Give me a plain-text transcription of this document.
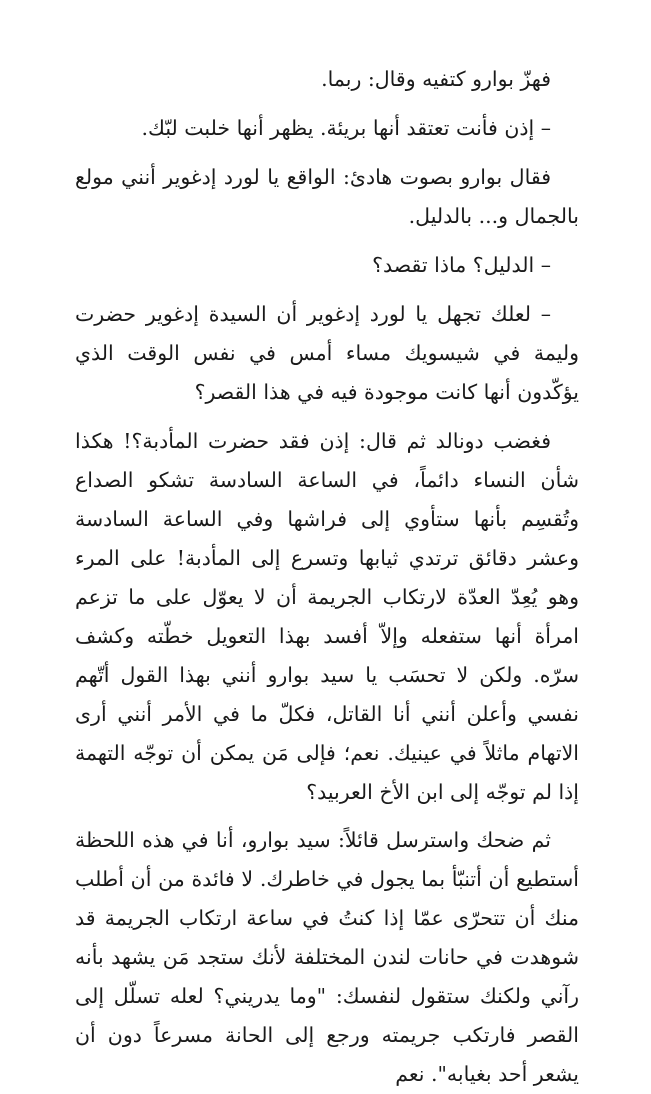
فهزّ بوارو كتفيه وقال: ربما.

– إذن فأنت تعتقد أنها بريئة. يظهر أنها خلبت لبّك.

فقال بوارو بصوت هادئ: الواقع يا لورد إدغوير أنني مولع بالجمال و... بالدليل.

– الدليل؟ ماذا تقصد؟

– لعلك تجهل يا لورد إدغوير أن السيدة إدغوير حضرت وليمة في شيسويك مساء أمس في نفس الوقت الذي يؤكّدون أنها كانت موجودة فيه في هذا القصر؟

فغضب دونالد ثم قال: إذن فقد حضرت المأدبة؟! هكذا شأن النساء دائماً، في الساعة السادسة تشكو الصداع وتُقسِم بأنها ستأوي إلى فراشها وفي الساعة السادسة وعشر دقائق ترتدي ثيابها وتسرع إلى المأدبة! على المرء وهو يُعِدّ العدّة لارتكاب الجريمة أن لا يعوّل على ما تزعم امرأة أنها ستفعله وإلاّ أفسد بهذا التعويل خطّته وكشف سرّه. ولكن لا تحسَب يا سيد بوارو أنني بهذا القول أتّهم نفسي وأعلن أنني أنا القاتل، فكلّ ما في الأمر أنني أرى الاتهام ماثلاً في عينيك. نعم؛ فإلى مَن يمكن أن توجّه التهمة إذا لم توجّه إلى ابن الأخ العربيد؟

ثم ضحك واسترسل قائلاً: سيد بوارو، أنا في هذه اللحظة أستطيع أن أتنبّأ بما يجول في خاطرك. لا فائدة من أن أطلب منك أن تتحرّى عمّا إذا كنتُ في ساعة ارتكاب الجريمة قد شوهدت في حانات لندن المختلفة لأنك ستجد مَن يشهد بأنه رآني ولكنك ستقول لنفسك: "وما يدريني؟ لعله تسلّل إلى القصر فارتكب جريمته ورجع إلى الحانة مسرعاً دون أن يشعر أحد بغيابه". نعم
